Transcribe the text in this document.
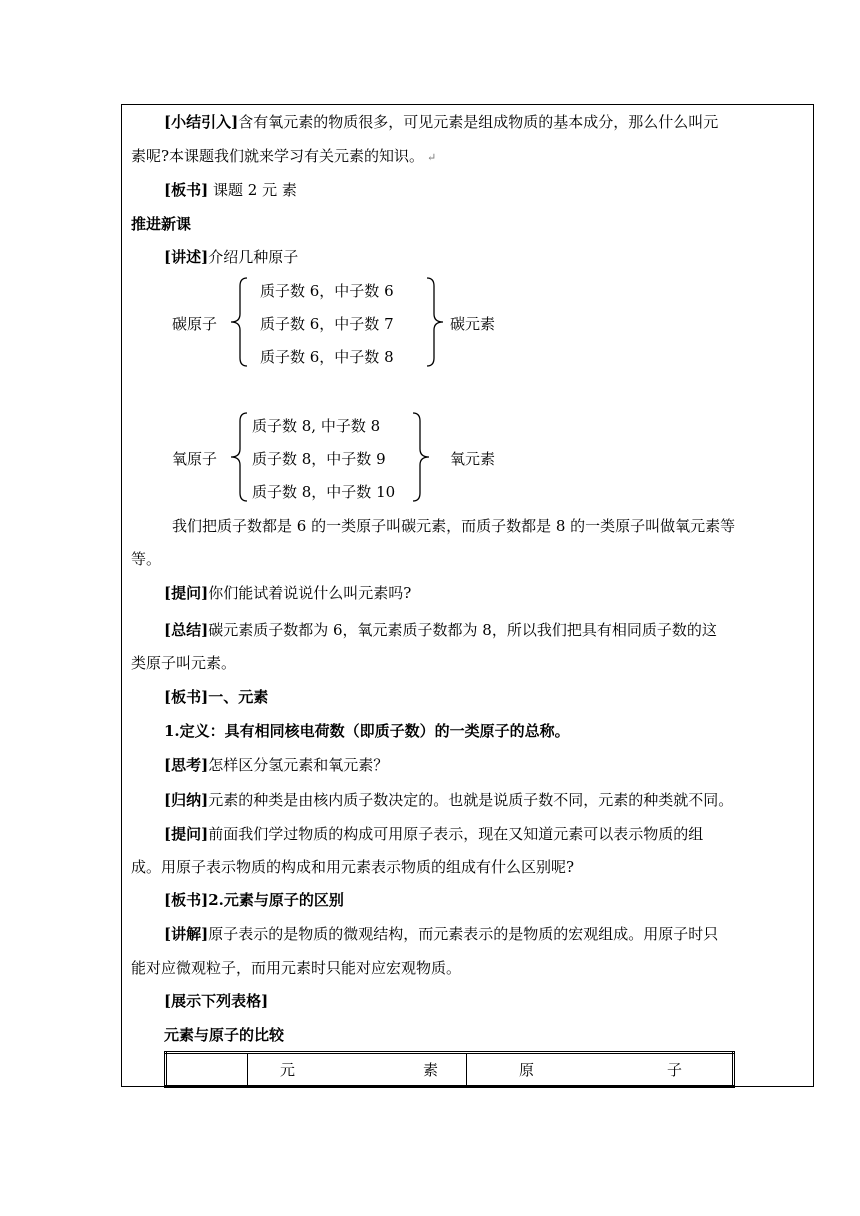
[小结引入]含有氧元素的物质很多，可见元素是组成物质的基本成分，那么什么叫元
素呢?本课题我们就来学习有关元素的知识。 ↵
[板书] 课题 2 元 素
推进新课
[讲述]介绍几种原子
碳原子
质子数 6，中子数 6
质子数 6，中子数 7
质子数 6，中子数 8
碳元素
氧原子
质子数 8, 中子数 8
质子数 8，中子数 9
质子数 8，中子数 10
氧元素
我们把质子数都是 6 的一类原子叫碳元素，而质子数都是 8 的一类原子叫做氧元素等
等。
[提问]你们能试着说说什么叫元素吗?
[总结]碳元素质子数都为 6，氧元素质子数都为 8，所以我们把具有相同质子数的这
类原子叫元素。
[板书]一、元素
1.定义：具有相同核电荷数（即质子数）的一类原子的总称。
[思考]怎样区分氢元素和氧元素？
[归纳]元素的种类是由核内质子数决定的。也就是说质子数不同，元素的种类就不同。
[提问]前面我们学过物质的构成可用原子表示，现在又知道元素可以表示物质的组
成。用原子表示物质的构成和用元素表示物质的组成有什么区别呢?
[板书]2.元素与原子的区别
[讲解]原子表示的是物质的微观结构，而元素表示的是物质的宏观组成。用原子时只
能对应微观粒子，而用元素时只能对应宏观物质。
[展示下列表格]
元素与原子的比较

元	素	原	子
